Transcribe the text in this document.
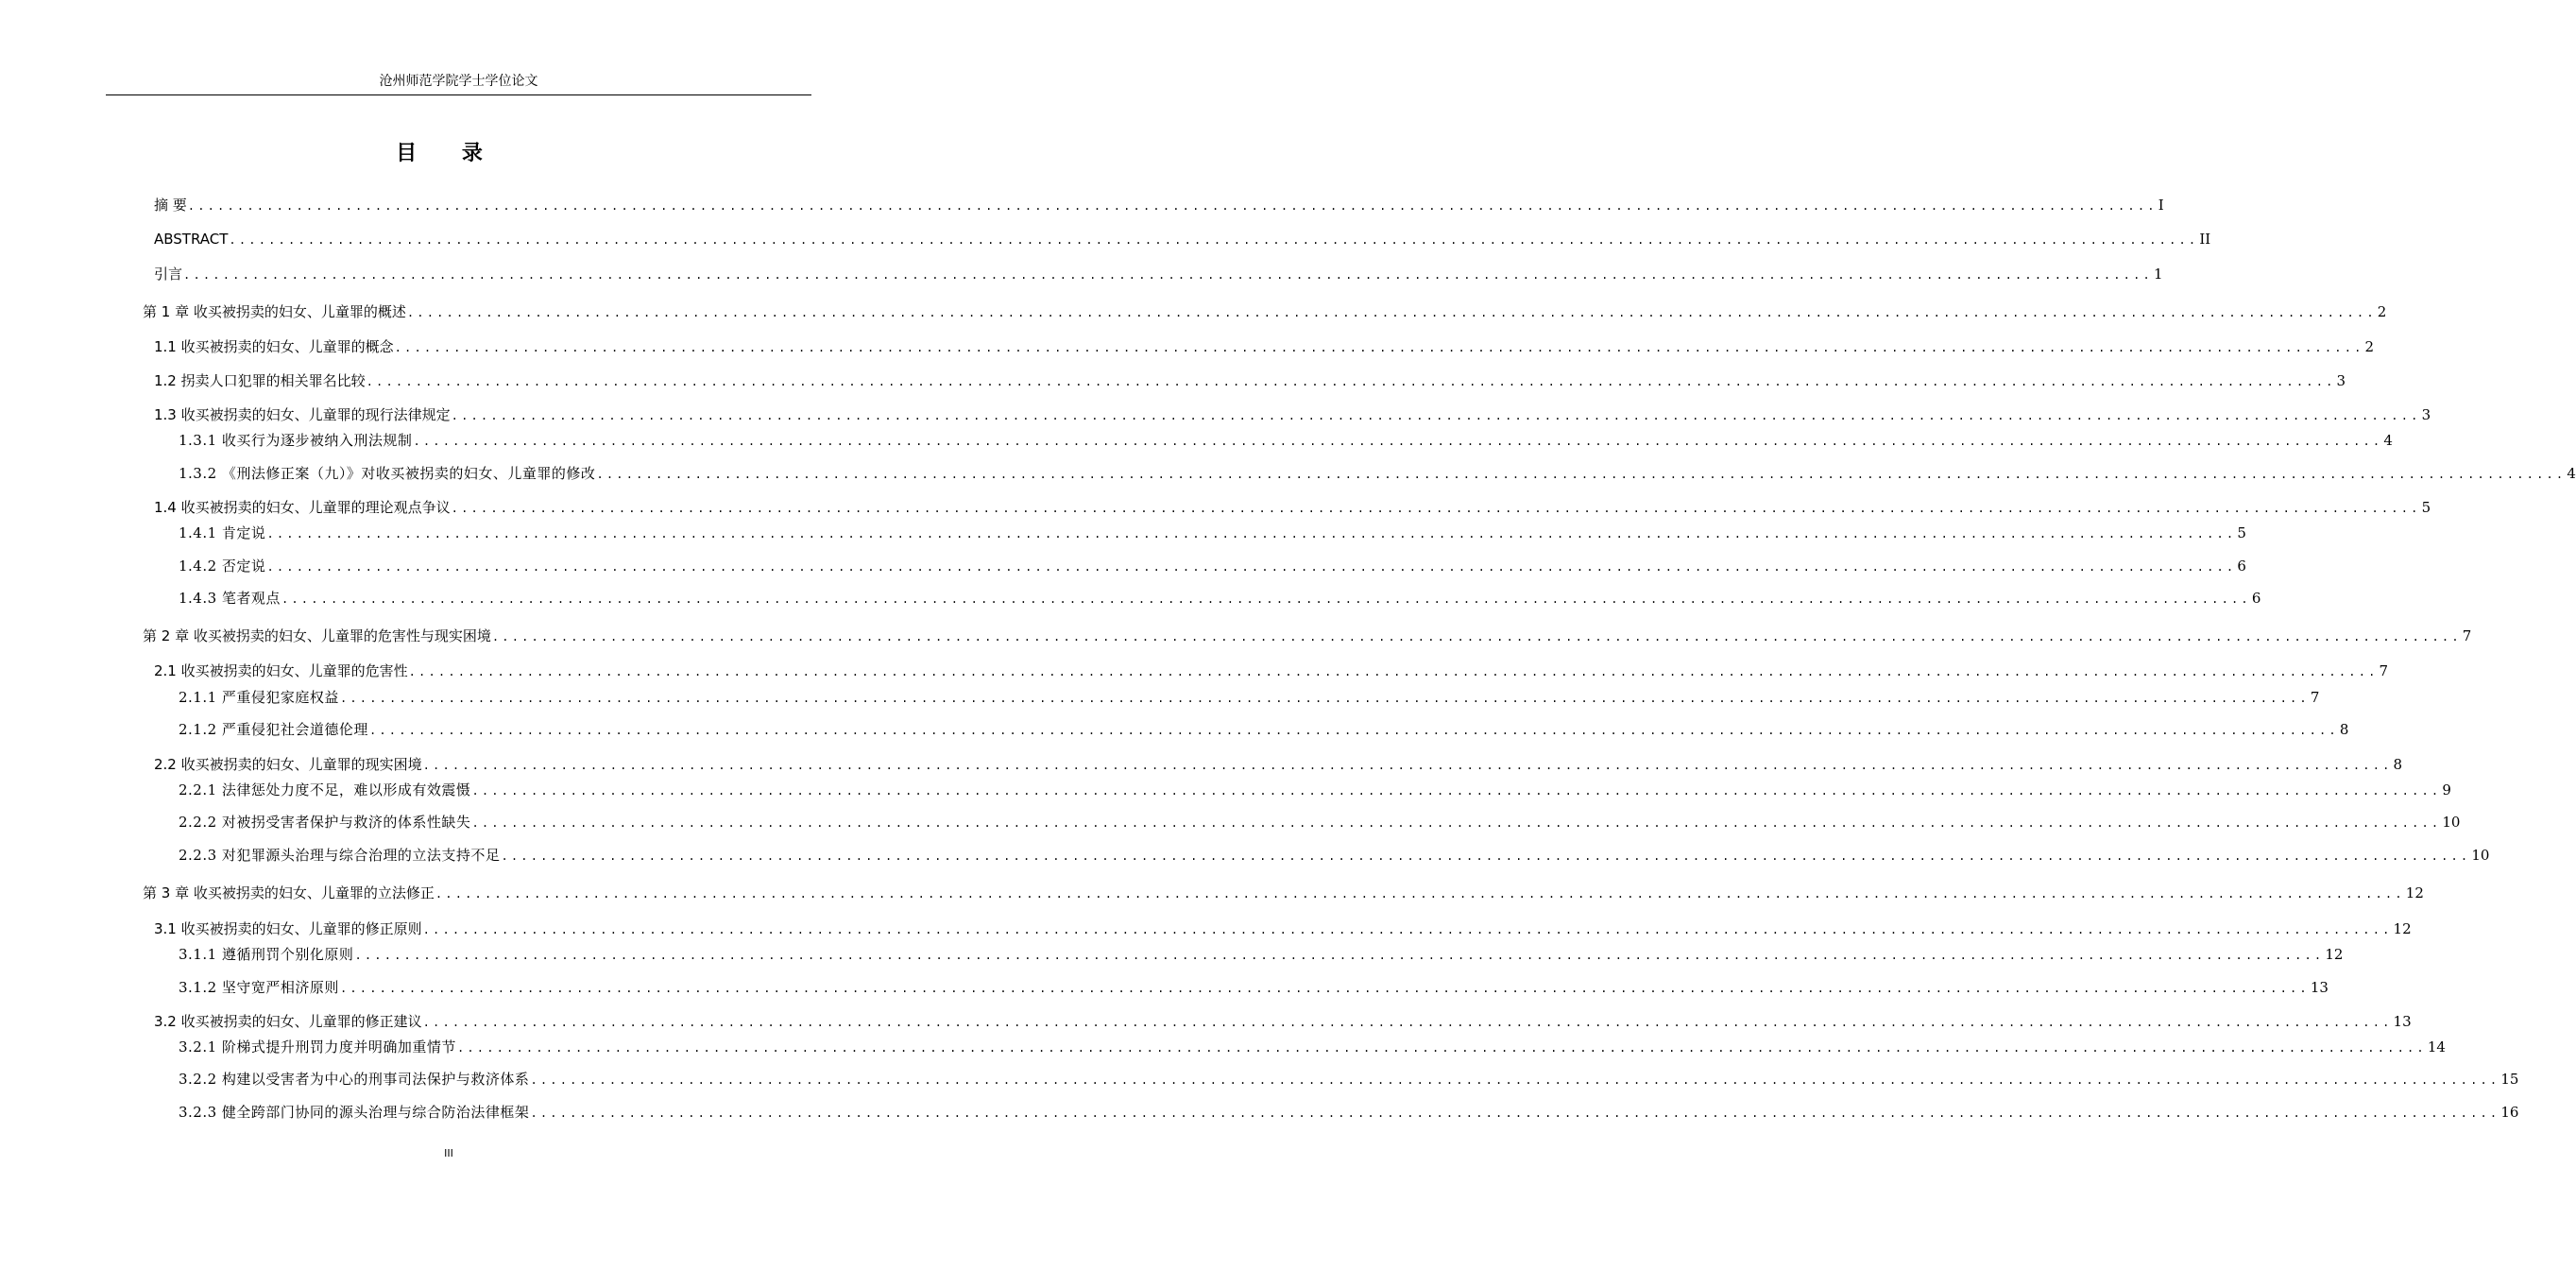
沧州师范学院学士学位论文
目 录
摘 要 ........................................................................................................................................................................................................ I
ABSTRACT ........................................................................................................................................................................................................ II
引言 ........................................................................................................................................................................................................ 1
第 1 章 收买被拐卖的妇女、儿童罪的概述 ........................................................................................................................................................................................................ 2
1.1 收买被拐卖的妇女、儿童罪的概念 ........................................................................................................................................................................................................ 2
1.2 拐卖人口犯罪的相关罪名比较 ........................................................................................................................................................................................................ 3
1.3 收买被拐卖的妇女、儿童罪的现行法律规定 ........................................................................................................................................................................................................ 3
1.3.1 收买行为逐步被纳入刑法规制 ........................................................................................................................................................................................................ 4
1.3.2 《刑法修正案（九）》对收买被拐卖的妇女、儿童罪的修改 ........................................................................................................................................................................................................ 4
1.4 收买被拐卖的妇女、儿童罪的理论观点争议 ........................................................................................................................................................................................................ 5
1.4.1 肯定说 ........................................................................................................................................................................................................ 5
1.4.2 否定说 ........................................................................................................................................................................................................ 6
1.4.3 笔者观点 ........................................................................................................................................................................................................ 6
第 2 章 收买被拐卖的妇女、儿童罪的危害性与现实困境 ........................................................................................................................................................................................................ 7
2.1 收买被拐卖的妇女、儿童罪的危害性 ........................................................................................................................................................................................................ 7
2.1.1 严重侵犯家庭权益 ........................................................................................................................................................................................................ 7
2.1.2 严重侵犯社会道德伦理 ........................................................................................................................................................................................................ 8
2.2 收买被拐卖的妇女、儿童罪的现实困境 ........................................................................................................................................................................................................ 8
2.2.1 法律惩处力度不足，难以形成有效震慑 ........................................................................................................................................................................................................ 9
2.2.2 对被拐受害者保护与救济的体系性缺失 ........................................................................................................................................................................................................ 10
2.2.3 对犯罪源头治理与综合治理的立法支持不足 ........................................................................................................................................................................................................ 10
第 3 章 收买被拐卖的妇女、儿童罪的立法修正 ........................................................................................................................................................................................................ 12
3.1 收买被拐卖的妇女、儿童罪的修正原则 ........................................................................................................................................................................................................ 12
3.1.1 遵循刑罚个别化原则 ........................................................................................................................................................................................................ 12
3.1.2 坚守宽严相济原则 ........................................................................................................................................................................................................ 13
3.2 收买被拐卖的妇女、儿童罪的修正建议 ........................................................................................................................................................................................................ 13
3.2.1 阶梯式提升刑罚力度并明确加重情节 ........................................................................................................................................................................................................ 14
3.2.2 构建以受害者为中心的刑事司法保护与救济体系 ........................................................................................................................................................................................................ 15
3.2.3 健全跨部门协同的源头治理与综合防治法律框架 ........................................................................................................................................................................................................ 16
III
